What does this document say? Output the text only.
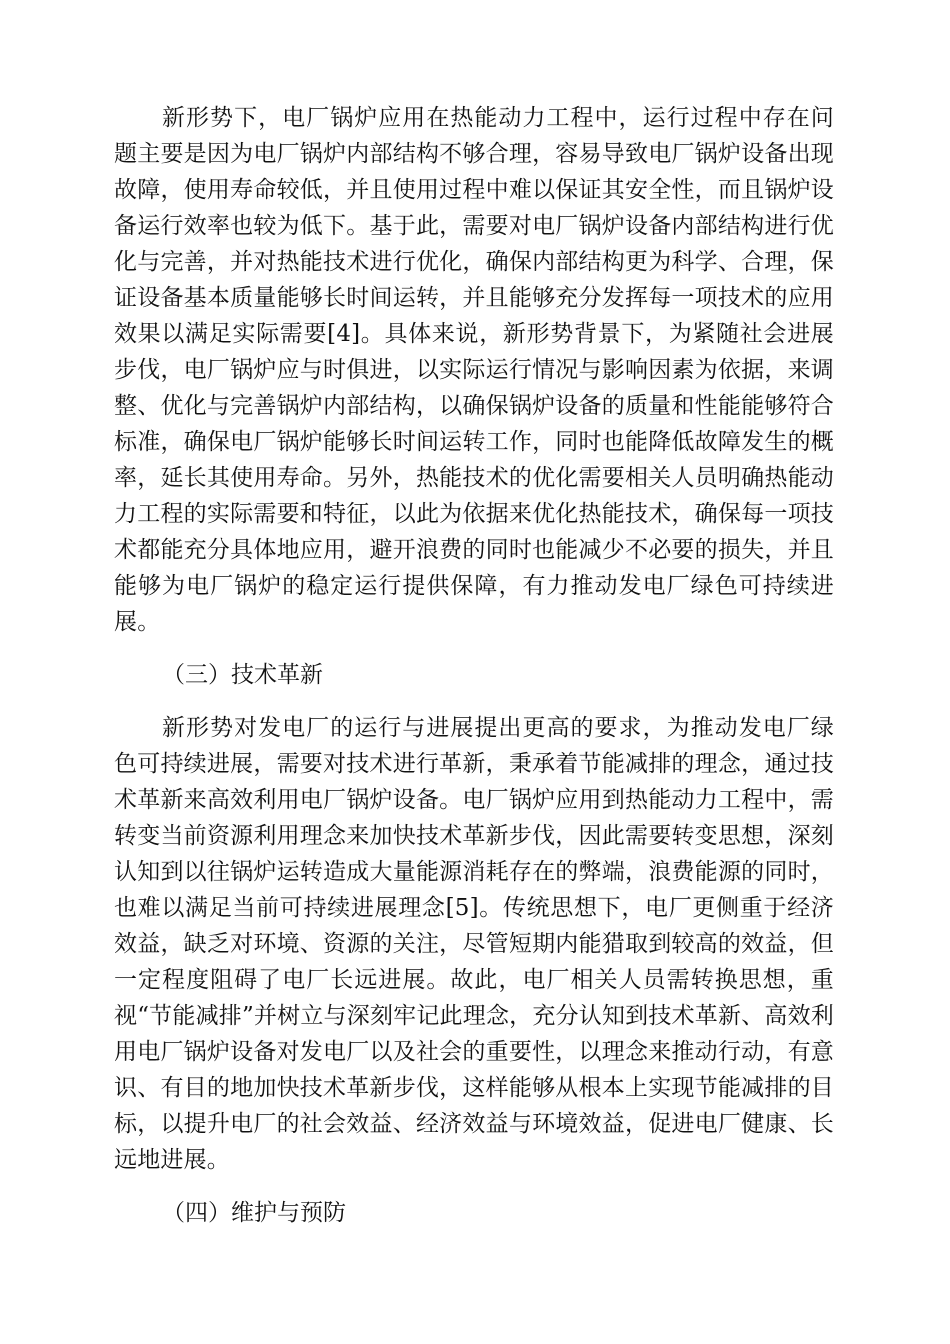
新形势下，电厂锅炉应用在热能动力工程中，运行过程中存在问题主要是因为电厂锅炉内部结构不够合理，容易导致电厂锅炉设备出现故障，使用寿命较低，并且使用过程中难以保证其安全性，而且锅炉设备运行效率也较为低下。基于此，需要对电厂锅炉设备内部结构进行优化与完善，并对热能技术进行优化，确保内部结构更为科学、合理，保证设备基本质量能够长时间运转，并且能够充分发挥每一项技术的应用效果以满足实际需要[4]。具体来说，新形势背景下，为紧随社会进展步伐，电厂锅炉应与时俱进，以实际运行情况与影响因素为依据，来调整、优化与完善锅炉内部结构，以确保锅炉设备的质量和性能能够符合标准，确保电厂锅炉能够长时间运转工作，同时也能降低故障发生的概率，延长其使用寿命。另外，热能技术的优化需要相关人员明确热能动力工程的实际需要和特征，以此为依据来优化热能技术，确保每一项技术都能充分具体地应用，避开浪费的同时也能减少不必要的损失，并且能够为电厂锅炉的稳定运行提供保障，有力推动发电厂绿色可持续进展。

（三）技术革新

新形势对发电厂的运行与进展提出更高的要求，为推动发电厂绿色可持续进展，需要对技术进行革新，秉承着节能减排的理念，通过技术革新来高效利用电厂锅炉设备。电厂锅炉应用到热能动力工程中，需转变当前资源利用理念来加快技术革新步伐，因此需要转变思想，深刻认知到以往锅炉运转造成大量能源消耗存在的弊端，浪费能源的同时，也难以满足当前可持续进展理念[5]。传统思想下，电厂更侧重于经济效益，缺乏对环境、资源的关注，尽管短期内能猎取到较高的效益，但一定程度阻碍了电厂长远进展。故此，电厂相关人员需转换思想，重视“节能减排”并树立与深刻牢记此理念，充分认知到技术革新、高效利用电厂锅炉设备对发电厂以及社会的重要性，以理念来推动行动，有意识、有目的地加快技术革新步伐，这样能够从根本上实现节能减排的目标，以提升电厂的社会效益、经济效益与环境效益，促进电厂健康、长远地进展。

（四）维护与预防
